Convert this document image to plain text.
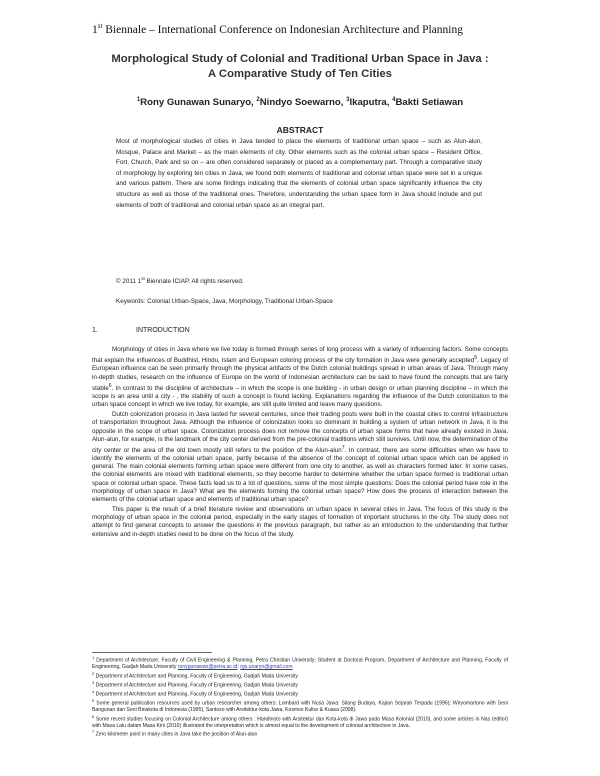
1st Biennale – International Conference on Indonesian Architecture and Planning
Morphological Study of Colonial and Traditional Urban Space in Java :
A Comparative Study of Ten Cities
$^1$Rony Gunawan Sunaryo, $^2$Nindyo Soewarno, $^3$Ikaputra, $^4$Bakti Setiawan
ABSTRACT
Most of morphological studies of cities in Java tended to place the elements of traditional urban space – such as Alun-alun, Mosque, Palace and Market – as the main elements of city. Other elements such as the colonial urban space – Resident Office, Fort, Church, Park and so on – are often considered separately or placed as a complementary part. Through a comparative study of morphology by exploring ten cities in Java, we found both elements of traditional and colonial urban space were set in a unique and various pattern. There are some findings indicating that the elements of colonial urban space significantly influence the city structure as well as those of the traditional ones. Therefore, understanding the urban space form in Java should include and put elements of both of traditional and colonial urban space as an integral part.
© 2011 1st Biennale ICIAP. All rights reserved.
Keywords: Colonial Urban-Space, Java, Morphology, Traditional Urban-Space
1.	INTRODUCTION

Morphology of cities in Java where we live today is formed through series of long process with a variety of influencing factors. Some concepts that explain the influences of Buddhist, Hindu, Islam and European coloring process of the city formation in Java were generally accepted$^5$. Legacy of European influence can be seen primarily through the physical artifacts of the Dutch colonial buildings spread in urban areas of Java. Through many in-depth studies, research on the influence of Europe on the world of Indonesian architecture can be said to have found the concepts that are fairly stable$^6$. In contrast to the discipline of architecture – in which the scope is one building - in urban design or urban planning discipline – in which the scope is an area until a city - , the stability of such a concept is found lacking. Explanations regarding the influence of the Dutch colonization to the urban space concept in which we live today, for example, are still quite limited and leave many questions.

Dutch colonization process in Java lasted for several centuries, since their trading posts were built in the coastal cities to control infrastructure of transportation throughout Java. Although the influence of colonization looks so dominant in building a system of urban network in Java, it is the opposite in the scope of urban space. Colonization process does not remove the concepts of urban space forms that have already existed in Java. Alun-alun, for example, is the landmark of the city center derived from the pre-colonial traditions which still survives. Until now, the determination of the city center or the area of the old town mostly still refers to the position of the Alun-alun$^7$. In contrast, there are some difficulties when we have to identify the elements of the colonial urban space, partly because of the absence of the concept of colonial urban space which can be applied in general. The main colonial elements forming urban space were different from one city to another, as well as characters formed later. In some cases, the colonial elements are mixed with traditional elements, so they become harder to determine whether the urban space formed is traditional urban space or colonial urban space. These facts lead us to a lot of questions, some of the most simple questions: Does the colonial period have role in the morphology of urban space in Java? What are the elements forming the colonial urban space? How does the process of interaction between the elements of the colonial urban space and elements of traditional urban space?

This paper is the result of a brief literature review and observations on urban space in several cities in Java. The focus of this study is the morphology of urban space in the colonial period, especially in the early stages of formation of important structures in the city. The study does not attempt to find general concepts to answer the questions in the previous paragraph, but rather as an introduction to the understanding that further extensive and in-depth studies need to be done on the focus of the study.

$^1$ Department of Architecture, Faculty of Civil Engineering & Planning, Petra Christian University; Student at Doctoral Program, Department of Architecture and Planning, Faculty of Engineering, Gadjah Mada University ronygunawan@petra.ac.id; rgs.unaryo@gmail.com
$^2$ Department of Architecture and Planning, Faculty of Engineering, Gadjah Mada University
$^3$ Department of Architecture and Planning, Faculty of Engineering, Gadjah Mada University
$^4$ Department of Architecture and Planning, Faculty of Engineering, Gadjah Mada University
$^5$ Some general publication resources used by urban researcher among others: Lombard with Nusa Jawa: Silang Budaya, Kajian Sejarah Terpadu (1996); Wiryomartono with Seni Bangunan dan Seni Binakota di Indonesia (1995), Santoso with Arsitektur-kota Jawa, Kosmos Kultur & Kuasa (2008).
$^6$ Some recent studies focusing on Colonial Architecture among others : Handinoto with Arsitektur dan Kota-kota di Jawa pada Masa Kolonial (2010), and some articles in Nas (editor) with Masa Lalu dalam Masa Kini (2010) illustrated the interpretation which is almost equal to the development of colonial architecture in Java.
$^7$ Zero kilometer point in many cities in Java take the position of Alun-alun
